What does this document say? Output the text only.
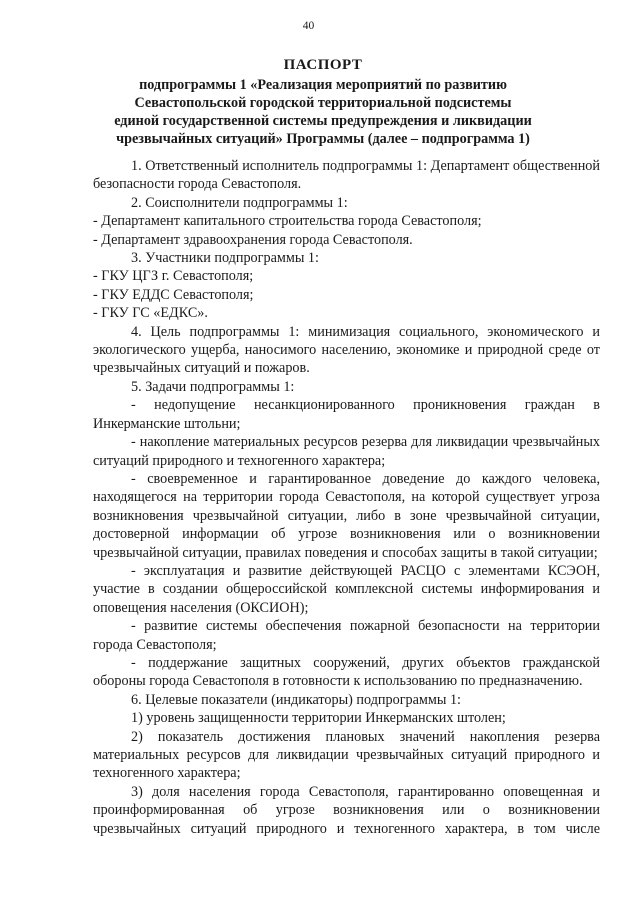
40
ПАСПОРТ
подпрограммы 1 «Реализация мероприятий по развитию
Севастопольской городской территориальной подсистемы
единой государственной системы предупреждения и ликвидации
чрезвычайных ситуаций» Программы (далее – подпрограмма 1)

1. Ответственный исполнитель подпрограммы 1: Департамент общественной безопасности города Севастополя.

2. Соисполнители подпрограммы 1:

- Департамент капитального строительства города Севастополя;

- Департамент здравоохранения города Севастополя.

3. Участники подпрограммы 1:

- ГКУ ЦГЗ г. Севастополя;

- ГКУ ЕДДС Севастополя;

- ГКУ ГС «ЕДКС».

4. Цель подпрограммы 1: минимизация социального, экономического и экологического ущерба, наносимого населению, экономике и природной среде от чрезвычайных ситуаций и пожаров.

5. Задачи подпрограммы 1:

- недопущение несанкционированного проникновения граждан в Инкерманские штольни;

- накопление материальных ресурсов резерва для ликвидации чрезвычайных ситуаций природного и техногенного характера;

- своевременное и гарантированное доведение до каждого человека, находящегося на территории города Севастополя, на которой существует угроза возникновения чрезвычайной ситуации, либо в зоне чрезвычайной ситуации, достоверной информации об угрозе возникновения или о возникновении чрезвычайной ситуации, правилах поведения и способах защиты в такой ситуации;

- эксплуатация и развитие действующей РАСЦО с элементами КСЭОН, участие в создании общероссийской комплексной системы информирования и оповещения населения (ОКСИОН);

- развитие системы обеспечения пожарной безопасности на территории города Севастополя;

- поддержание защитных сооружений, других объектов гражданской обороны города Севастополя в готовности к использованию по предназначению.

6. Целевые показатели (индикаторы) подпрограммы 1:

1) уровень защищенности территории Инкерманских штолен;

2) показатель достижения плановых значений накопления резерва материальных ресурсов для ликвидации чрезвычайных ситуаций природного и техногенного характера;

3) доля населения города Севастополя, гарантированно оповещенная и проинформированная об угрозе возникновения или о возникновении чрезвычайных ситуаций природного и техногенного характера, в том числе
